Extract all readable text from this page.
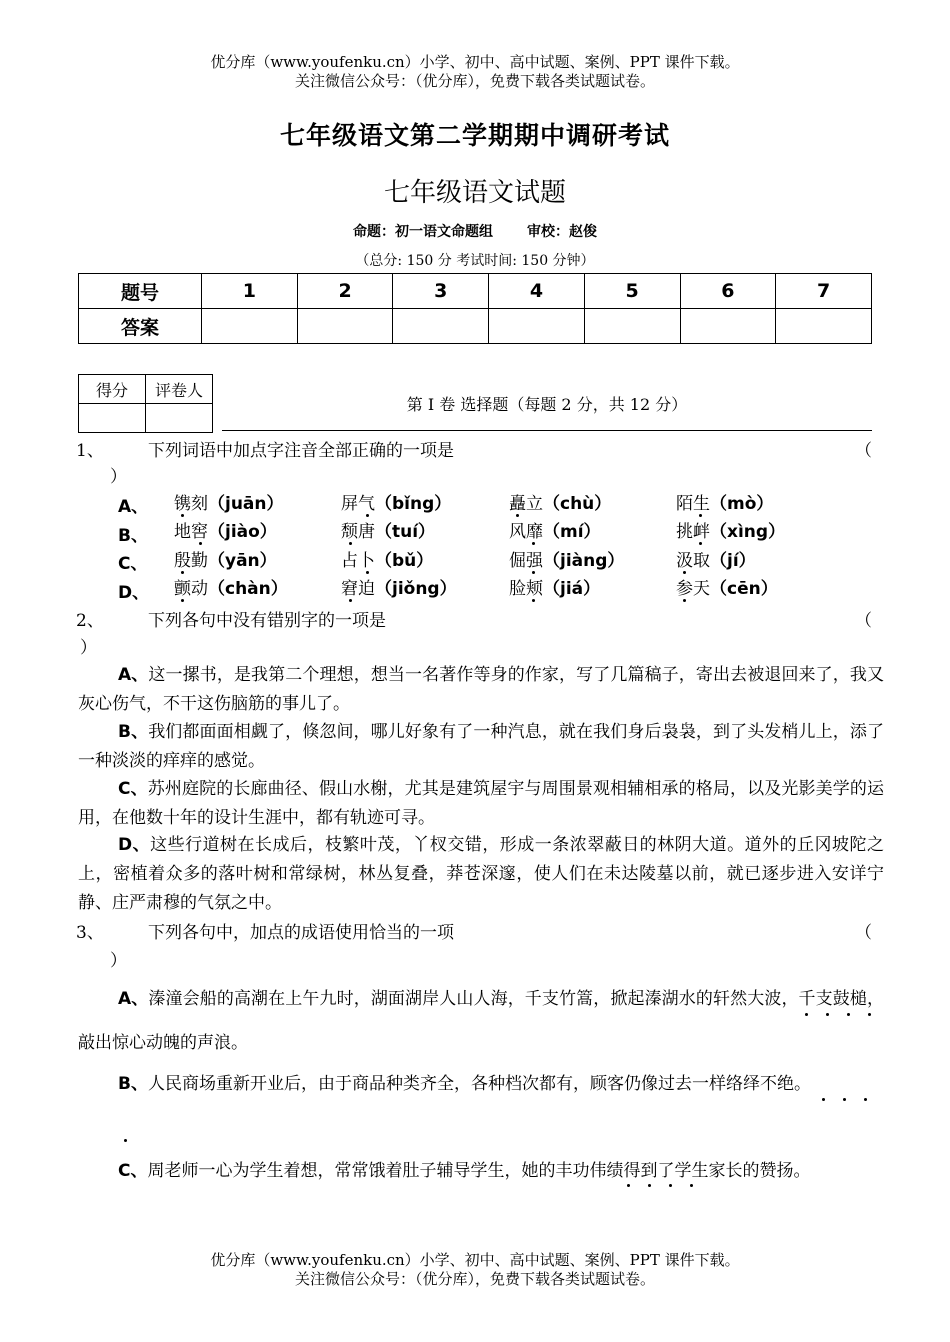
优分库（www.youfenku.cn）小学、初中、高中试题、案例、PPT 课件下载。
关注微信公众号：（优分库），免费下载各类试题试卷。
七年级语文第二学期期中调研考试
七年级语文试题
命题：初一语文命题组 审校：赵俊
（总分: 150 分 考试时间: 150 分钟）
题号	1	2	3	4	5	6	7
答案							
得分	评卷人

第 I 卷 选择题（每题 2 分，共 12 分）
1、	下列词语中加点字注音全部正确的一项是	（
）
A、 镌刻（juān）	屏气（bǐng）	矗立（chù）	陌生（mò）
B、 地窖（jiào）	颓唐（tuí）	风靡（mí）	挑衅（xìng）
C、 殷勤（yān）	占卜（bǔ）	倔强（jiàng）	汲取（jí）
D、 颤动（chàn）	窘迫（jiǒng）	脸颊（jiá）	参天（cēn）
2、	下列各句中没有错别字的一项是	（
）
A、这一摞书，是我第二个理想，想当一名著作等身的作家，写了几篇稿子，寄出去被退回来了，我又灰心伤气，不干这伤脑筋的事儿了。
B、我们都面面相觑了，倏忽间，哪儿好象有了一种汽息，就在我们身后袅袅，到了头发梢儿上，添了一种淡淡的痒痒的感觉。
C、苏州庭院的长廊曲径、假山水榭，尤其是建筑屋宇与周围景观相辅相承的格局，以及光影美学的运用，在他数十年的设计生涯中，都有轨迹可寻。
D、这些行道树在长成后，枝繁叶茂，丫杈交错，形成一条浓翠蔽日的林阴大道。道外的丘冈坡陀之上，密植着众多的落叶树和常绿树，林丛复叠，莽苍深邃，使人们在未达陵墓以前，就已逐步进入安详宁静、庄严肃穆的气氛之中。
3、	下列各句中，加点的成语使用恰当的一项	（
）
A、溱潼会船的高潮在上午九时，湖面湖岸人山人海，千支竹篙，掀起溱湖水的轩然大波，千支鼓槌，敲出惊心动魄的声浪。
B、人民商场重新开业后，由于商品种类齐全，各种档次都有，顾客仍像过去一样络绎不绝。
C、周老师一心为学生着想，常常饿着肚子辅导学生，她的丰功伟绩得到了学生家长的赞扬。
优分库（www.youfenku.cn）小学、初中、高中试题、案例、PPT 课件下载。
关注微信公众号：（优分库），免费下载各类试题试卷。
